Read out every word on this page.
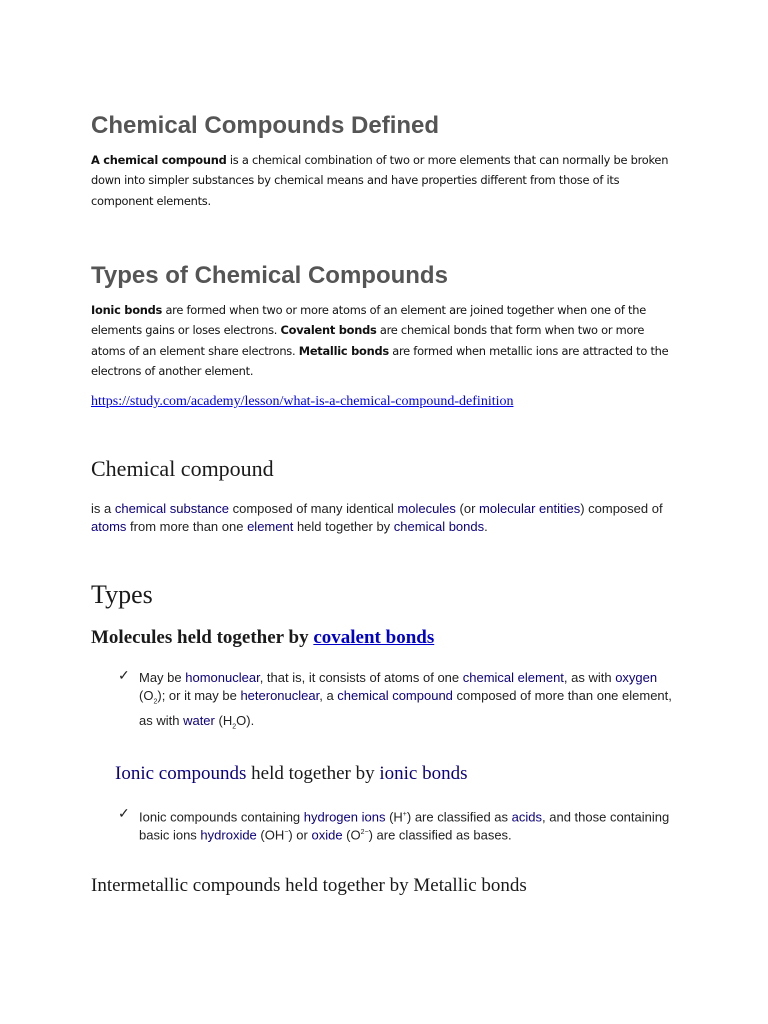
Chemical Compounds Defined

A chemical compound is a chemical combination of two or more elements that can normally be broken down into simpler substances by chemical means and have properties different from those of its component elements.

Types of Chemical Compounds

Ionic bonds are formed when two or more atoms of an element are joined together when one of the elements gains or loses electrons. Covalent bonds are chemical bonds that form when two or more atoms of an element share electrons. Metallic bonds are formed when metallic ions are attracted to the electrons of another element.

https://study.com/academy/lesson/what-is-a-chemical-compound-definition
Chemical compound

is a chemical substance composed of many identical molecules (or molecular entities) composed of atoms from more than one element held together by chemical bonds.

Types
Molecules held together by covalent bonds
✓ May be homonuclear, that is, it consists of atoms of one chemical element, as with oxygen $(O_2)$; or it may be heteronuclear, a chemical compound composed of more than one element, as with water $(H_2O)$.

Ionic compounds held together by ionic bonds
✓ Ionic compounds containing hydrogen ions (H+) are classified as acids, and those containing basic ions hydroxide (OH−) or oxide $(O^{2-})$ are classified as bases.

Intermetallic compounds held together by Metallic bonds
